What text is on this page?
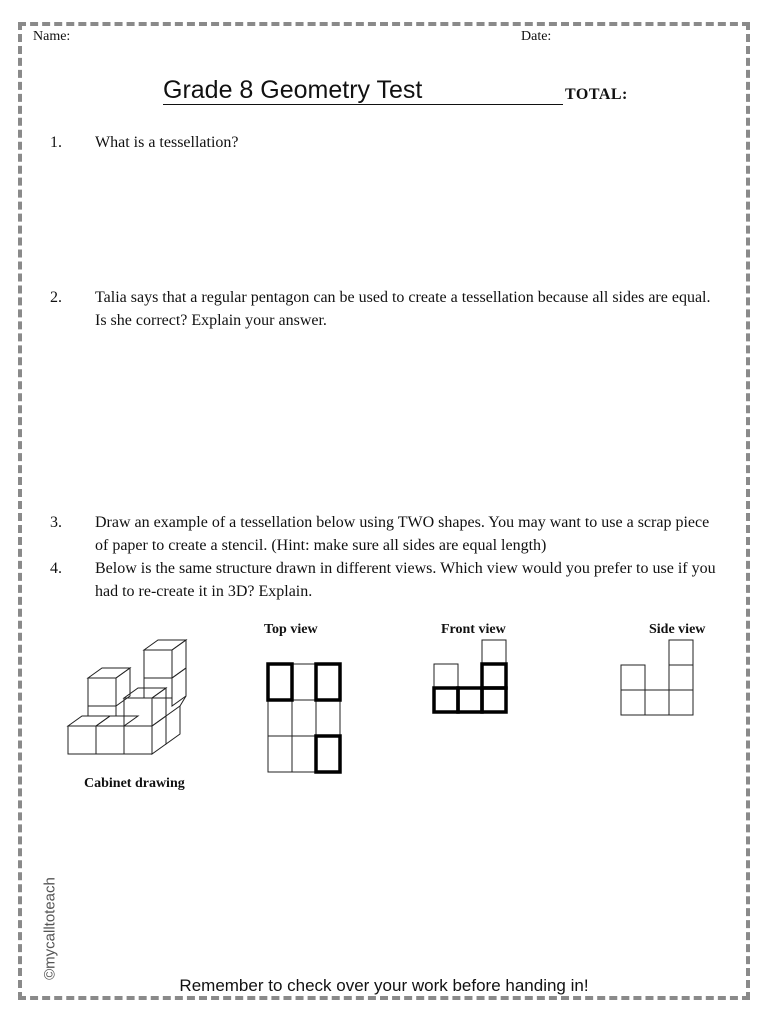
Name:	Date:
Grade 8 Geometry Test	TOTAL:
1. What is a tessellation?
2. Talia says that a regular pentagon can be used to create a tessellation because all sides are equal. Is she correct? Explain your answer.
3. Draw an example of a tessellation below using TWO shapes. You may want to use a scrap piece of paper to create a stencil. (Hint: make sure all sides are equal length)
4. Below is the same structure drawn in different views. Which view would you prefer to use if you had to re-create it in 3D? Explain.
Top view	Front view	Side view
Cabinet drawing
©mycalltoteach
Remember to check over your work before handing in!
